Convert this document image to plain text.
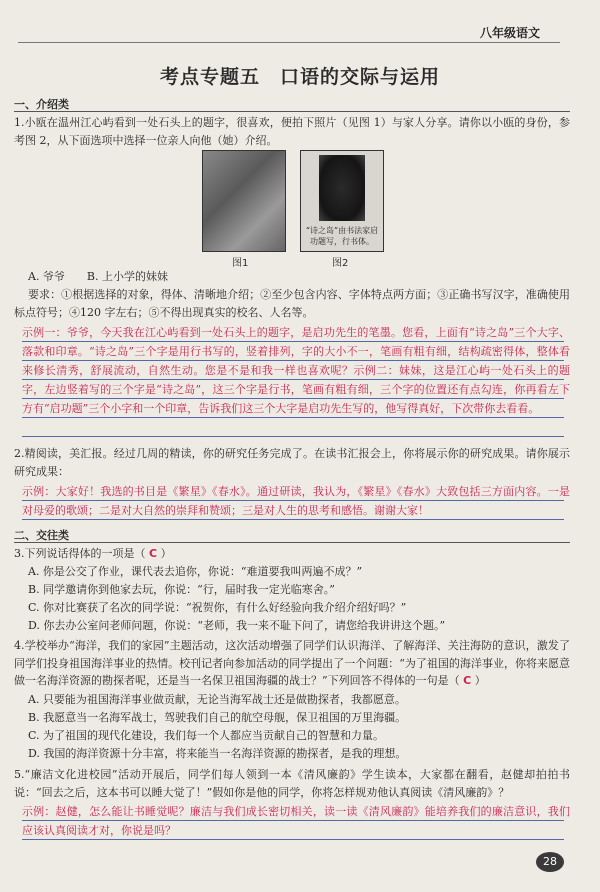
八年级语文
考点专题五　口语的交际与运用
一、介绍类
1.小瓯在温州江心屿看到一处石头上的题字，很喜欢，便拍下照片（见图 1）与家人分享。请你以小瓯的身份，参考图 2，从下面选项中选择一位亲人向他（她）介绍。
“诗之岛”由书法家启功题写，行书体。
图1	图2
A. 爷爷　　B. 上小学的妹妹
要求：①根据选择的对象，得体、清晰地介绍；②至少包含内容、字体特点两方面；③正确书写汉字，准确使用标点符号；④120 字左右；⑤不得出现真实的校名、人名等。
示例一：爷爷，今天我在江心屿看到一处石头上的题字，是启功先生的笔墨。您看，上面有“诗之岛”三个大字、落款和印章。“诗之岛”三个字是用行书写的，竖着排列，字的大小不一，笔画有粗有细，结构疏密得体，整体看来修长清秀，舒展流动，自然生动。您是不是和我一样也喜欢呢？示例二：妹妹，这是江心屿一处石头上的题字，左边竖着写的三个字是“诗之岛”，这三个字是行书，笔画有粗有细，三个字的位置还有点勾连，你再看左下方有“启功题”三个小字和一个印章，告诉我们这三个大字是启功先生写的，他写得真好，下次带你去看看。
2.精阅读，美汇报。经过几周的精读，你的研究任务完成了。在读书汇报会上，你将展示你的研究成果。请你展示研究成果：
示例：大家好！我选的书目是《繁星》《春水》。通过研读，我认为，《繁星》《春水》大致包括三方面内容。一是对母爱的歌颂；二是对大自然的崇拜和赞颂；三是对人生的思考和感悟。谢谢大家！
二、交往类
3.下列说话得体的一项是（ C ）
A. 你是公交了作业，课代表去追你，你说：“难道要我叫两遍不成？”
B. 同学邀请你到他家去玩，你说：“行，届时我一定光临寒舍。”
C. 你对比赛获了名次的同学说：“祝贺你，有什么好经验向我介绍介绍好吗？”
D. 你去办公室问老师问题，你说：“老师，我一来不耻下问了，请您给我讲讲这个题。”
4.学校举办“海洋，我们的家园”主题活动，这次活动增强了同学们认识海洋、了解海洋、关注海防的意识，激发了同学们投身祖国海洋事业的热情。校刊记者向参加活动的同学提出了一个问题：“为了祖国的海洋事业，你将来愿意做一名海洋资源的勘探者呢，还是当一名保卫祖国海疆的战士？”下列回答不得体的一句是（ C ）
A. 只要能为祖国海洋事业做贡献，无论当海军战士还是做勘探者，我都愿意。
B. 我愿意当一名海军战士，驾驶我们自己的航空母舰，保卫祖国的万里海疆。
C. 为了祖国的现代化建设，我们每一个人都应当贡献自己的智慧和力量。
D. 我国的海洋资源十分丰富，将来能当一名海洋资源的勘探者，是我的理想。
5.“廉洁文化进校园”活动开展后，同学们每人领到一本《清风廉韵》学生读本，大家都在翻看，赵健却拍拍书说：“回去之后，这本书可以睡大觉了！”假如你是他的同学，你将怎样规劝他认真阅读《清风廉韵》？
示例：赵健，怎么能让书睡觉呢？廉洁与我们成长密切相关，读一读《清风廉韵》能培养我们的廉洁意识，我们应该认真阅读才对，你说是吗？
28
